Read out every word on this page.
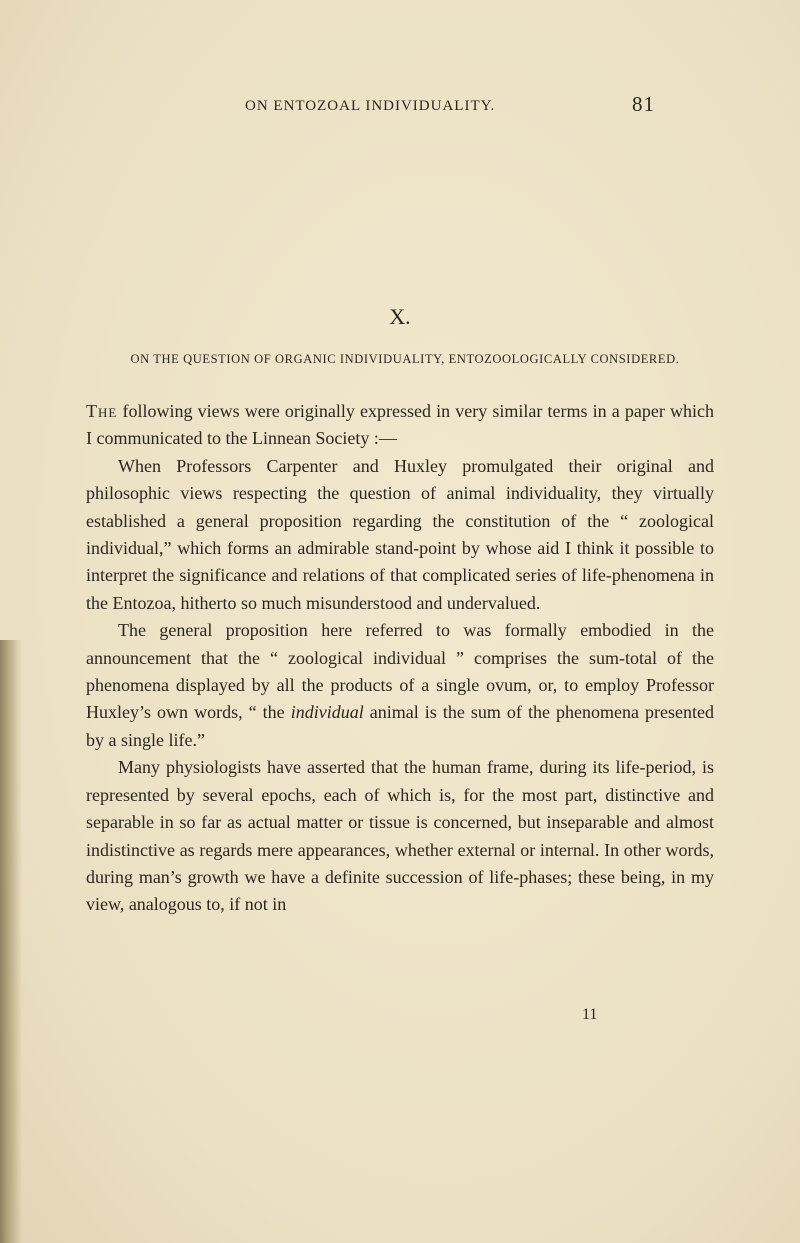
ON ENTOZOAL INDIVIDUALITY.	81
X.
ON THE QUESTION OF ORGANIC INDIVIDUALITY, ENTOZOOLOGICALLY CONSIDERED.

The following views were originally expressed in very similar terms in a paper which I communicated to the Linnean Society :—

When Professors Carpenter and Huxley promulgated their original and philosophic views respecting the question of animal individuality, they virtually established a general proposition regarding the constitution of the “ zoological individual,” which forms an admirable stand-point by whose aid I think it possible to interpret the significance and relations of that complicated series of life-phenomena in the Entozoa, hitherto so much misunderstood and undervalued.

The general proposition here referred to was formally embodied in the announcement that the “ zoological individual ” comprises the sum-total of the phenomena displayed by all the products of a single ovum, or, to employ Professor Huxley’s own words, “ the individual animal is the sum of the phenomena presented by a single life.”

Many physiologists have asserted that the human frame, during its life-period, is represented by several epochs, each of which is, for the most part, distinctive and separable in so far as actual matter or tissue is concerned, but inseparable and almost indistinctive as regards mere appearances, whether external or internal. In other words, during man’s growth we have a definite succession of life-phases; these being, in my view, analogous to, if not in

11
